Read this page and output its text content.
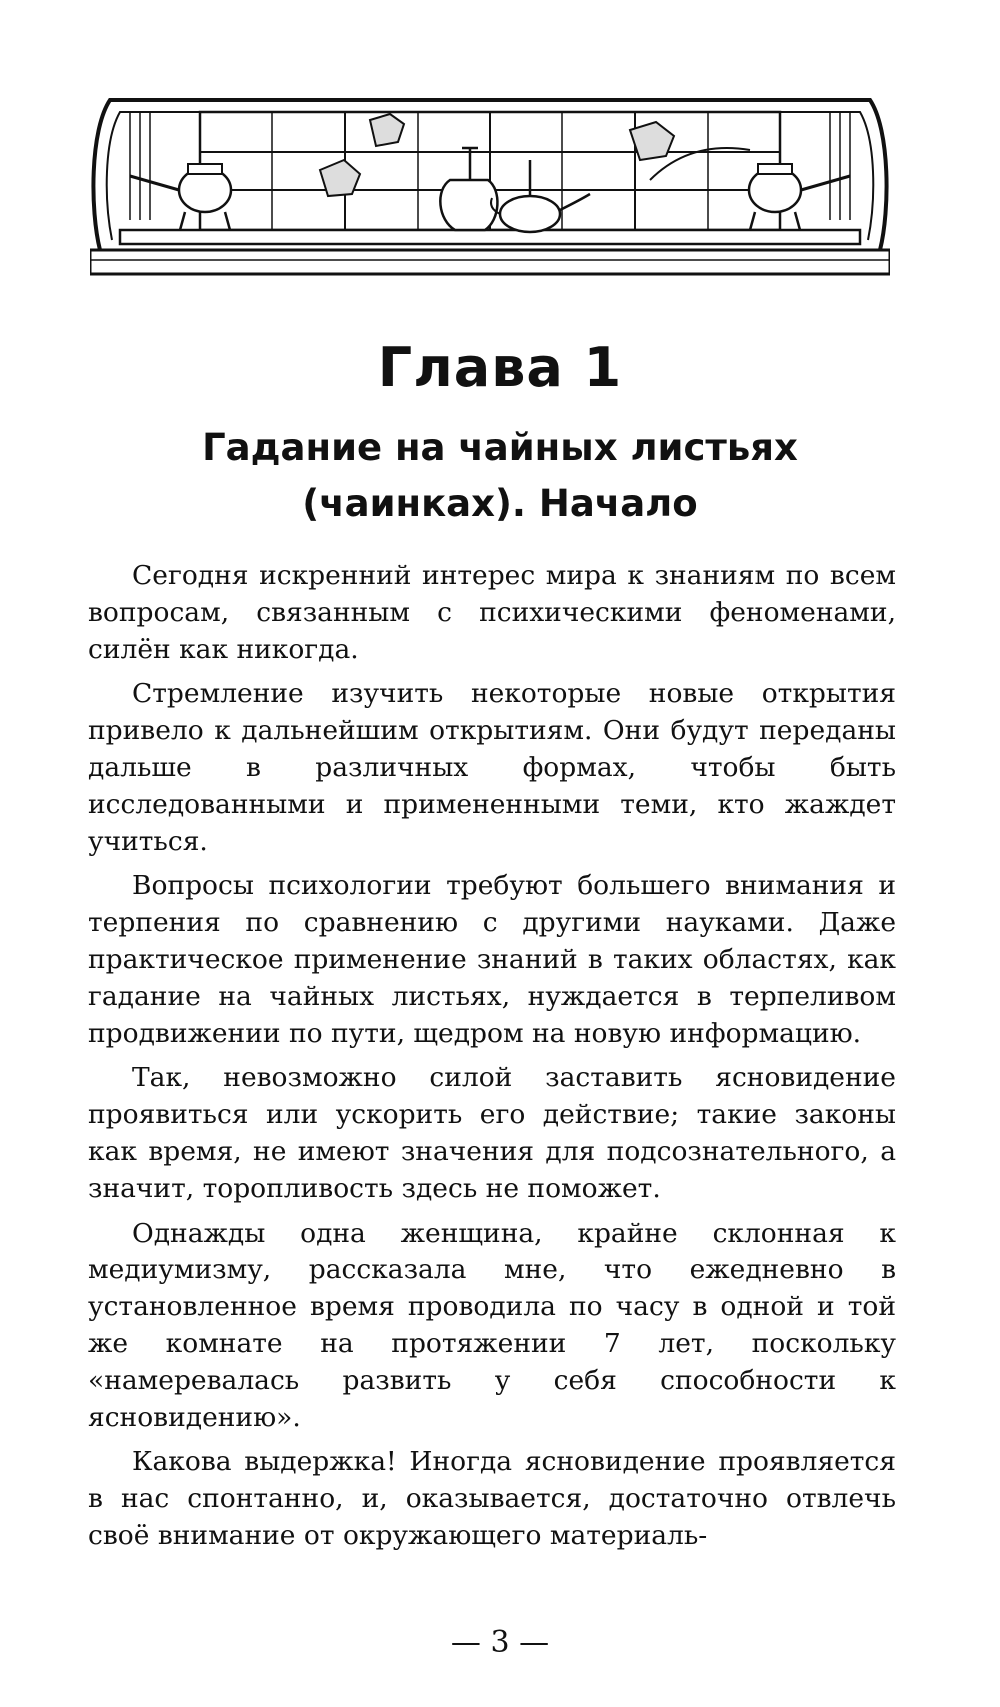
Глава 1
Гадание на чайных листьях
(чаинках). Начало

Сегодня искренний интерес мира к знаниям по всем вопросам, связанным с психическими феноменами, силён как никогда.

Стремление изучить некоторые новые открытия привело к дальнейшим открытиям. Они будут переданы дальше в различных формах, чтобы быть исследованными и примененными теми, кто жаждет учиться.

Вопросы психологии требуют большего внимания и терпения по сравнению с другими науками. Даже практическое применение знаний в таких областях, как гадание на чайных листьях, нуждается в терпеливом продвижении по пути, щедром на новую информацию.

Так, невозможно силой заставить ясновидение проявиться или ускорить его действие; такие законы как время, не имеют значения для подсознательного, а значит, торопливость здесь не поможет.

Однажды одна женщина, крайне склонная к медиумизму, рассказала мне, что ежедневно в установленное время проводила по часу в одной и той же комнате на протяжении 7 лет, поскольку «намеревалась развить у себя способности к ясновидению».

Какова выдержка! Иногда ясновидение проявляется в нас спонтанно, и, оказывается, достаточно отвлечь своё внимание от окружающего материаль-

— 3 —
